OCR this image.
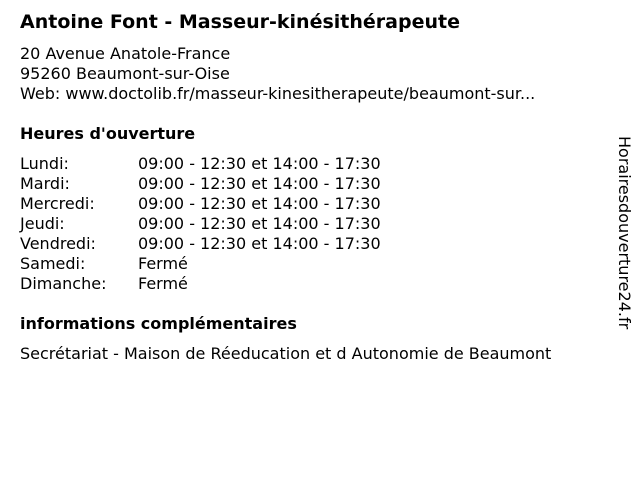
Antoine Font - Masseur-kinésithérapeute
20 Avenue Anatole-France
95260 Beaumont-sur-Oise
Web: www.doctolib.fr/masseur-kinesitherapeute/beaumont-sur...
Heures d'ouverture
Lundi:	09:00 - 12:30 et 14:00 - 17:30
Mardi:	09:00 - 12:30 et 14:00 - 17:30
Mercredi:	09:00 - 12:30 et 14:00 - 17:30
Jeudi:	09:00 - 12:30 et 14:00 - 17:30
Vendredi:	09:00 - 12:30 et 14:00 - 17:30
Samedi:	Fermé
Dimanche:	Fermé
informations complémentaires
Secrétariat - Maison de Réeducation et d Autonomie de Beaumont
Horairesdouverture24.fr
